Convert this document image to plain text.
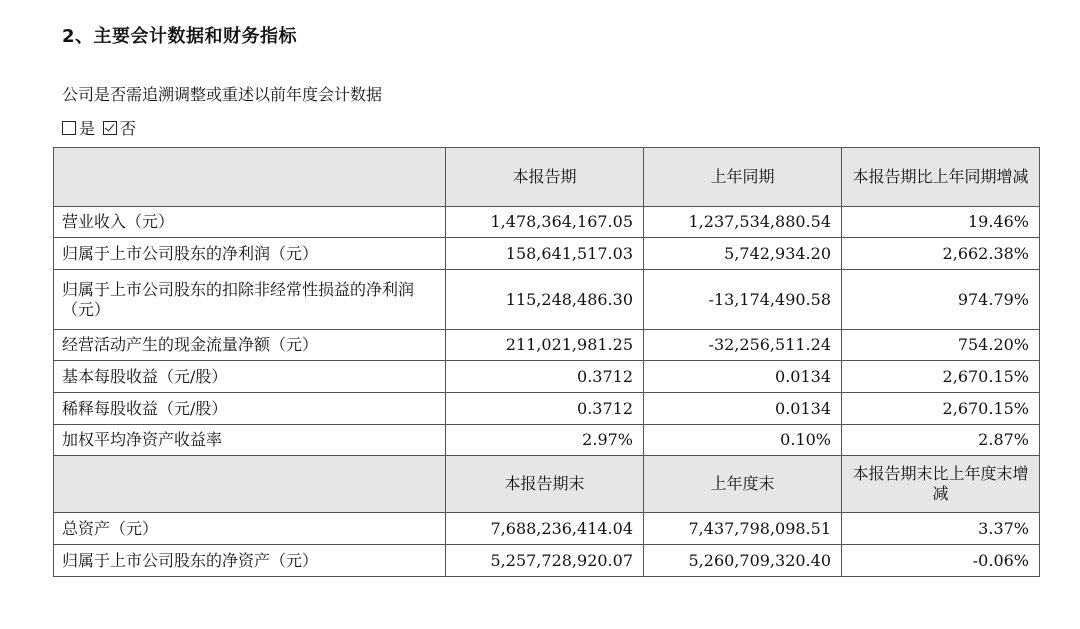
2、主要会计数据和财务指标
公司是否需追溯调整或重述以前年度会计数据
是 否
	本报告期	上年同期	本报告期比上年同期增减
营业收入（元）	1,478,364,167.05	1,237,534,880.54	19.46%
归属于上市公司股东的净利润（元）	158,641,517.03	5,742,934.20	2,662.38%
归属于上市公司股东的扣除非经常性损益的净利润（元）	115,248,486.30	-13,174,490.58	974.79%
经营活动产生的现金流量净额（元）	211,021,981.25	-32,256,511.24	754.20%
基本每股收益（元/股）	0.3712	0.0134	2,670.15%
稀释每股收益（元/股）	0.3712	0.0134	2,670.15%
加权平均净资产收益率	2.97%	0.10%	2.87%
	本报告期末	上年度末	本报告期末比上年度末增减
总资产（元）	7,688,236,414.04	7,437,798,098.51	3.37%
归属于上市公司股东的净资产（元）	5,257,728,920.07	5,260,709,320.40	-0.06%
